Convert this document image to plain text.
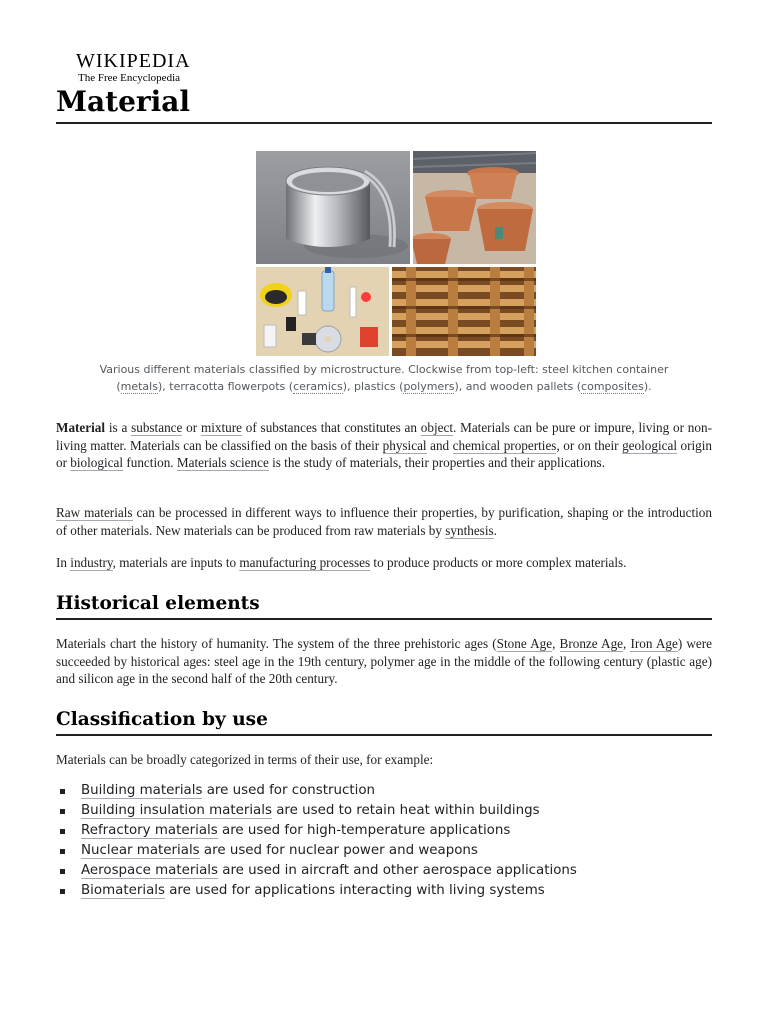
WIKIPEDIA
The Free Encyclopedia
Material
Various different materials classified by microstructure. Clockwise from top-left: steel kitchen container (metals), terracotta flowerpots (ceramics), plastics (polymers), and wooden pallets (composites).

Material is a substance or mixture of substances that constitutes an object. Materials can be pure or impure, living or non-living matter. Materials can be classified on the basis of their physical and chemical properties, or on their geological origin or biological function. Materials science is the study of materials, their properties and their applications.

Raw materials can be processed in different ways to influence their properties, by purification, shaping or the introduction of other materials. New materials can be produced from raw materials by synthesis.

In industry, materials are inputs to manufacturing processes to produce products or more complex materials.

Historical elements

Materials chart the history of humanity. The system of the three prehistoric ages (Stone Age, Bronze Age, Iron Age) were succeeded by historical ages: steel age in the 19th century, polymer age in the middle of the following century (plastic age) and silicon age in the second half of the 20th century.

Classification by use

Materials can be broadly categorized in terms of their use, for example:

Building materials are used for construction
Building insulation materials are used to retain heat within buildings
Refractory materials are used for high-temperature applications
Nuclear materials are used for nuclear power and weapons
Aerospace materials are used in aircraft and other aerospace applications
Biomaterials are used for applications interacting with living systems
